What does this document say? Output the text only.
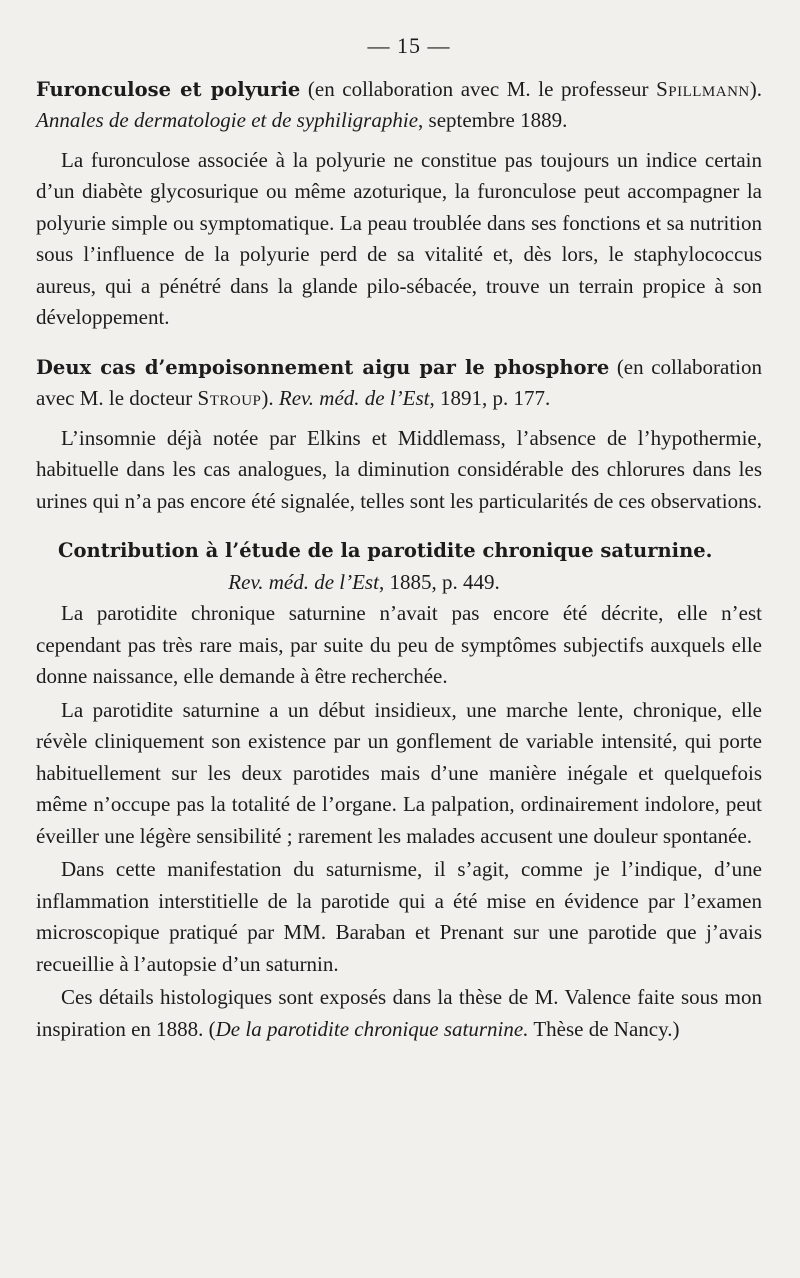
— 15 —

Furonculose et polyurie (en collaboration avec M. le professeur Spillmann). Annales de dermatologie et de syphiligraphie, septembre 1889.

La furonculose associée à la polyurie ne constitue pas toujours un indice certain d’un diabète glycosurique ou même azoturique, la furonculose peut accompagner la polyurie simple ou symptomatique. La peau troublée dans ses fonctions et sa nutrition sous l’influence de la polyurie perd de sa vitalité et, dès lors, le staphylococcus aureus, qui a pénétré dans la glande pilo-sébacée, trouve un terrain propice à son développement.

Deux cas d’empoisonnement aigu par le phosphore (en collaboration avec M. le docteur Stroup). Rev. méd. de l’Est, 1891, p. 177.

L’insomnie déjà notée par Elkins et Middlemass, l’absence de l’hypothermie, habituelle dans les cas analogues, la diminution considérable des chlorures dans les urines qui n’a pas encore été signalée, telles sont les particularités de ces observations.

Contribution à l’étude de la parotidite chronique saturnine.

Rev. méd. de l’Est, 1885, p. 449.

La parotidite chronique saturnine n’avait pas encore été décrite, elle n’est cependant pas très rare mais, par suite du peu de symptômes subjectifs auxquels elle donne naissance, elle demande à être recherchée.

La parotidite saturnine a un début insidieux, une marche lente, chronique, elle révèle cliniquement son existence par un gonflement de variable intensité, qui porte habituellement sur les deux parotides mais d’une manière inégale et quelquefois même n’occupe pas la totalité de l’organe. La palpation, ordinairement indolore, peut éveiller une légère sensibilité ; rarement les malades accusent une douleur spontanée.

Dans cette manifestation du saturnisme, il s’agit, comme je l’indique, d’une inflammation interstitielle de la parotide qui a été mise en évidence par l’examen microscopique pratiqué par MM. Baraban et Prenant sur une parotide que j’avais recueillie à l’autopsie d’un saturnin.

Ces détails histologiques sont exposés dans la thèse de M. Valence faite sous mon inspiration en 1888. (De la parotidite chronique saturnine. Thèse de Nancy.)
